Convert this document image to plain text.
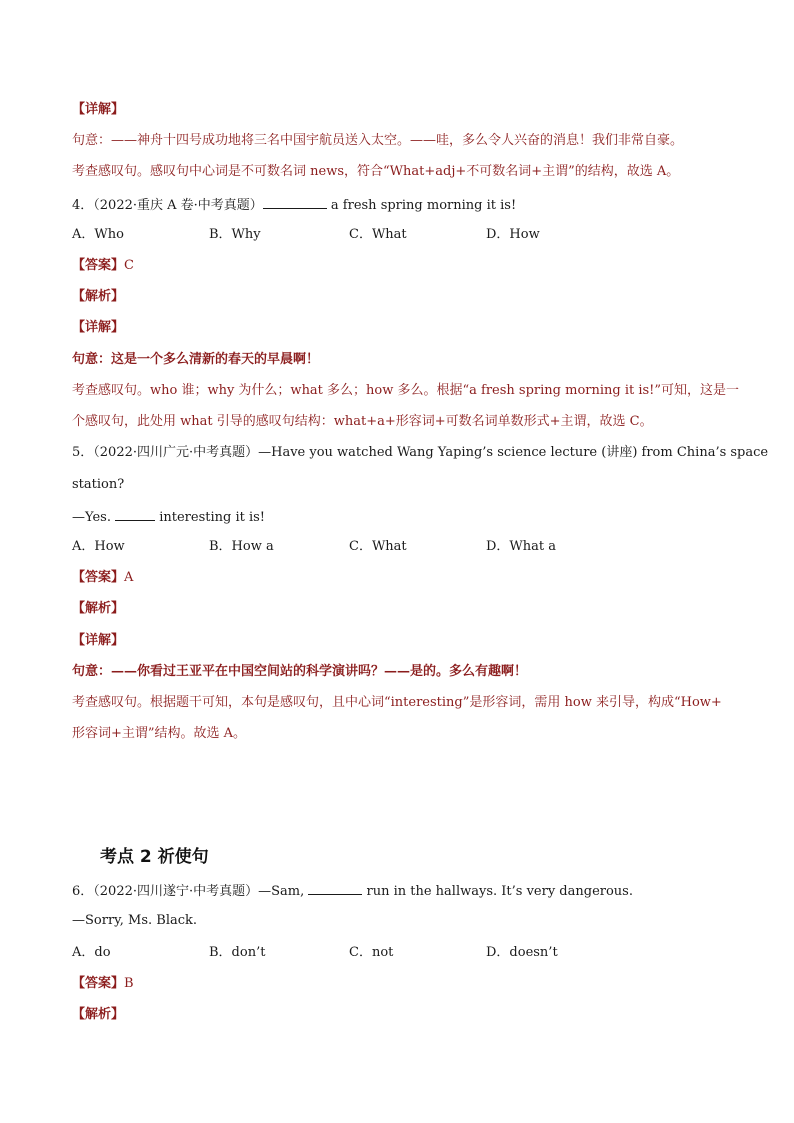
【详解】
句意：——神舟十四号成功地将三名中国宇航员送入太空。——哇，多么令人兴奋的消息！我们非常自豪。
考查感叹句。感叹句中心词是不可数名词 news，符合“What+adj+不可数名词+主谓”的结构，故选 A。
4．（2022·重庆 A 卷·中考真题）	a fresh spring morning it is!
A．Who	B．Why	C．What	D．How
【答案】C
【解析】
【详解】
句意：这是一个多么清新的春天的早晨啊！
考查感叹句。who 谁；why 为什么；what 多么；how 多么。根据“a fresh spring morning it is!”可知，这是一
个感叹句，此处用 what 引导的感叹句结构：what+a+形容词+可数名词单数形式+主谓，故选 C。
5．（2022·四川广元·中考真题）—Have you watched Wang Yaping’s science lecture (讲座) from China’s space
station?
—Yes.	interesting it is!
A．How	B．How a	C．What	D．What a
【答案】A
【解析】
【详解】
句意：——你看过王亚平在中国空间站的科学演讲吗？——是的。多么有趣啊！
考查感叹句。根据题干可知，本句是感叹句，且中心词“interesting”是形容词，需用 how 来引导，构成“How+
形容词+主谓”结构。故选 A。
考点 2 祈使句
6．（2022·四川遂宁·中考真题）—Sam,	run in the hallways. It’s very dangerous.
—Sorry, Ms. Black.
A．do	B．don’t	C．not	D．doesn’t
【答案】B
【解析】
